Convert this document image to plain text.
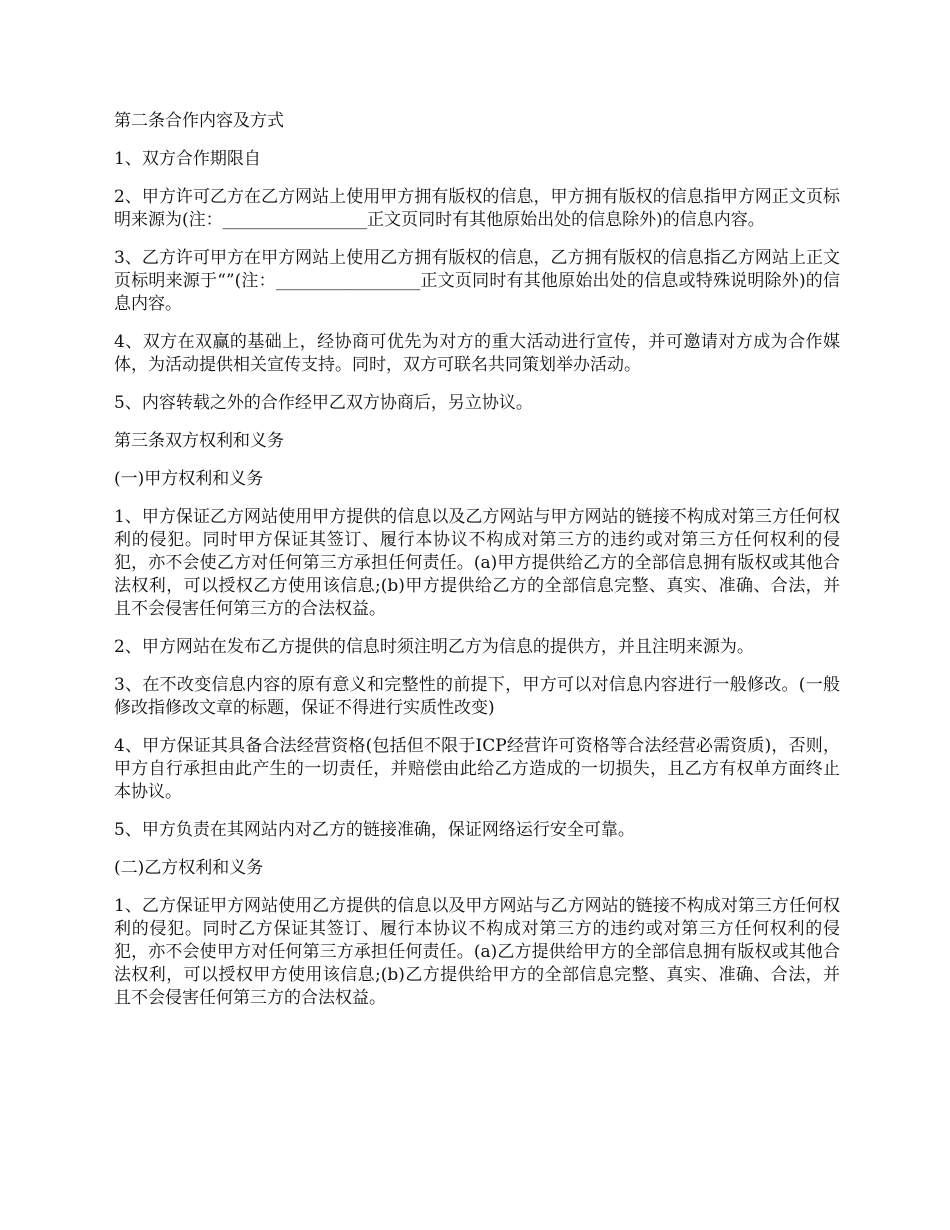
第二条合作内容及方式

1、双方合作期限自

2、甲方许可乙方在乙方网站上使用甲方拥有版权的信息，甲方拥有版权的信息指甲方网正文页标明来源为(注：_________________正文页同时有其他原始出处的信息除外)的信息内容。

3、乙方许可甲方在甲方网站上使用乙方拥有版权的信息，乙方拥有版权的信息指乙方网站上正文页标明来源于“”(注：_________________正文页同时有其他原始出处的信息或特殊说明除外)的信息内容。

4、双方在双赢的基础上，经协商可优先为对方的重大活动进行宣传，并可邀请对方成为合作媒体，为活动提供相关宣传支持。同时，双方可联名共同策划举办活动。

5、内容转载之外的合作经甲乙双方协商后，另立协议。

第三条双方权利和义务

(一)甲方权利和义务

1、甲方保证乙方网站使用甲方提供的信息以及乙方网站与甲方网站的链接不构成对第三方任何权利的侵犯。同时甲方保证其签订、履行本协议不构成对第三方的违约或对第三方任何权利的侵犯，亦不会使乙方对任何第三方承担任何责任。(a)甲方提供给乙方的全部信息拥有版权或其他合法权利，可以授权乙方使用该信息;(b)甲方提供给乙方的全部信息完整、真实、准确、合法，并且不会侵害任何第三方的合法权益。

2、甲方网站在发布乙方提供的信息时须注明乙方为信息的提供方，并且注明来源为。

3、在不改变信息内容的原有意义和完整性的前提下，甲方可以对信息内容进行一般修改。(一般修改指修改文章的标题，保证不得进行实质性改变)

4、甲方保证其具备合法经营资格(包括但不限于ICP经营许可资格等合法经营必需资质)，否则，甲方自行承担由此产生的一切责任，并赔偿由此给乙方造成的一切损失，且乙方有权单方面终止本协议。

5、甲方负责在其网站内对乙方的链接准确，保证网络运行安全可靠。

(二)乙方权利和义务

1、乙方保证甲方网站使用乙方提供的信息以及甲方网站与乙方网站的链接不构成对第三方任何权利的侵犯。同时乙方保证其签订、履行本协议不构成对第三方的违约或对第三方任何权利的侵犯，亦不会使甲方对任何第三方承担任何责任。(a)乙方提供给甲方的全部信息拥有版权或其他合法权利，可以授权甲方使用该信息;(b)乙方提供给甲方的全部信息完整、真实、准确、合法，并且不会侵害任何第三方的合法权益。
